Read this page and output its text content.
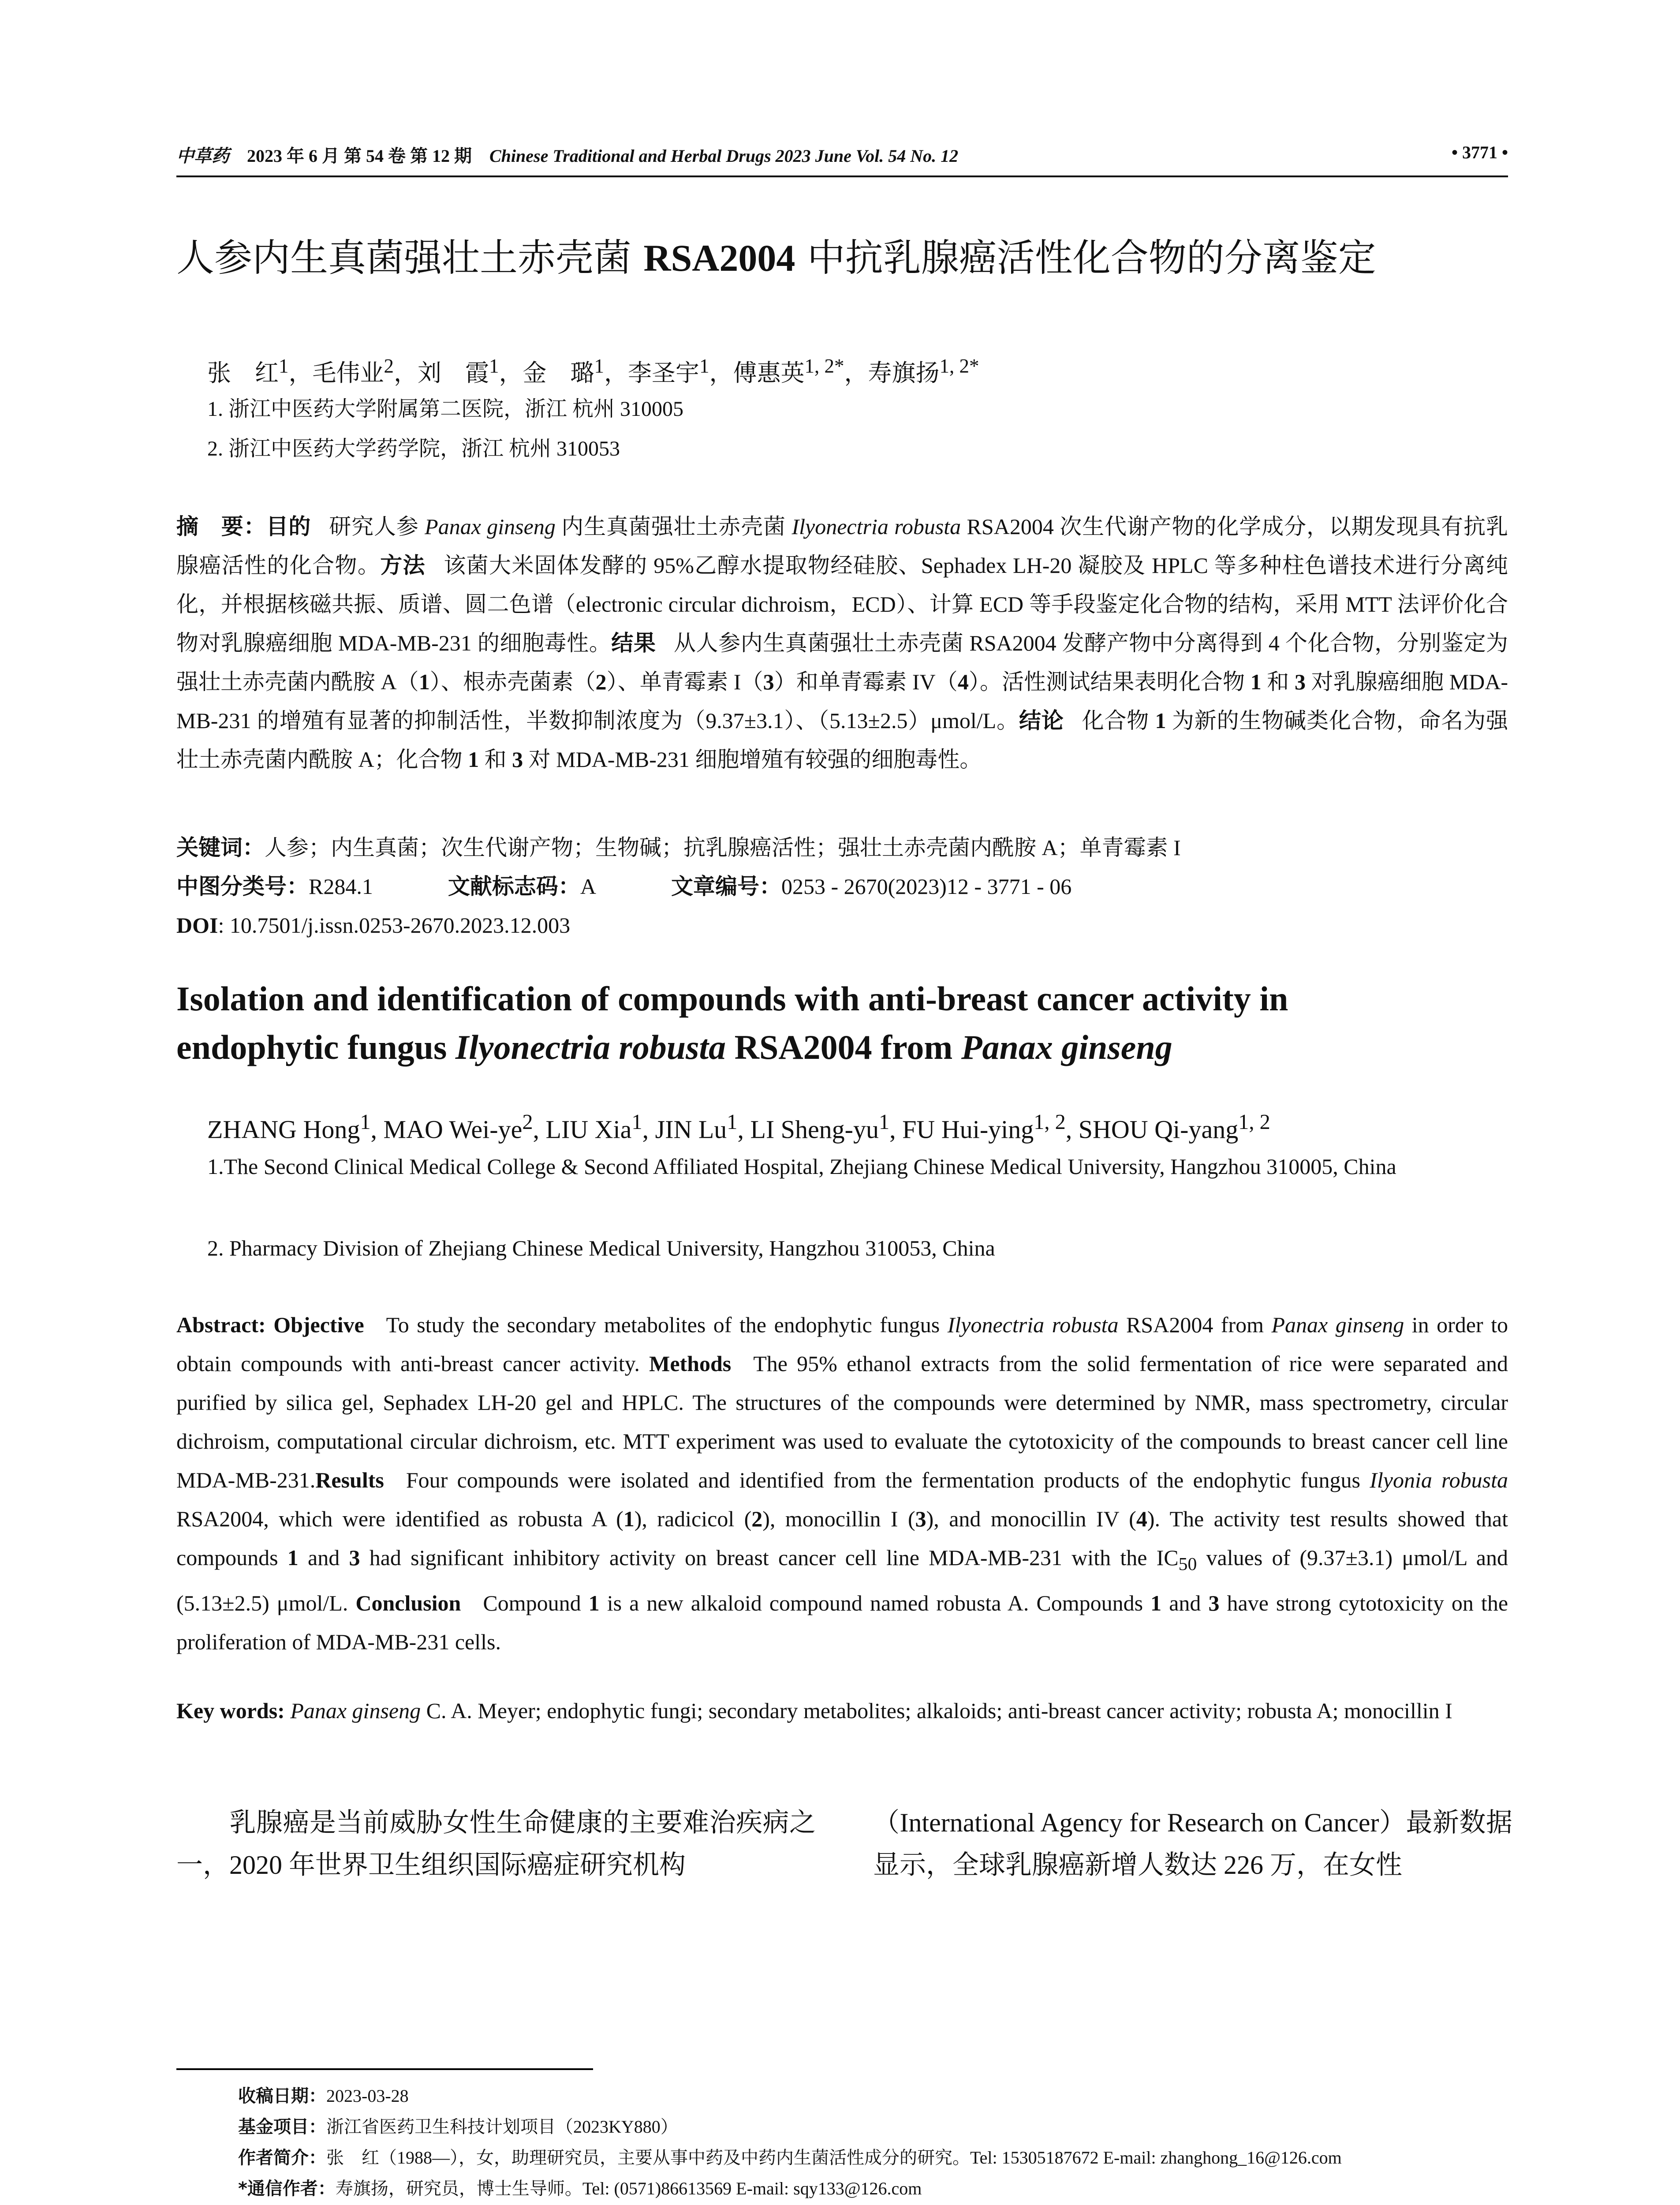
中草药 2023 年 6 月 第 54 卷 第 12 期 Chinese Traditional and Herbal Drugs 2023 June Vol. 54 No. 12	• 3771 •
人参内生真菌强壮土赤壳菌 RSA2004 中抗乳腺癌活性化合物的分离鉴定
张　红$^1$，毛伟业$^2$，刘　霞$^1$，金　璐$^1$，李圣宇$^1$，傅惠英$^{1, 2*}$，寿旗扬$^{1, 2*}$
1. 浙江中医药大学附属第二医院，浙江 杭州 310005
2. 浙江中医药大学药学院，浙江 杭州 310053
摘　要：目的 研究人参 Panax ginseng 内生真菌强壮土赤壳菌 Ilyonectria robusta RSA2004 次生代谢产物的化学成分，以期发现具有抗乳腺癌活性的化合物。方法 该菌大米固体发酵的 95%乙醇水提取物经硅胶、Sephadex LH-20 凝胶及 HPLC 等多种柱色谱技术进行分离纯化，并根据核磁共振、质谱、圆二色谱（electronic circular dichroism，ECD）、计算 ECD 等手段鉴定化合物的结构，采用 MTT 法评价化合物对乳腺癌细胞 MDA-MB-231 的细胞毒性。结果 从人参内生真菌强壮土赤壳菌 RSA2004 发酵产物中分离得到 4 个化合物，分别鉴定为强壮土赤壳菌内酰胺 A（1）、根赤壳菌素（2）、单青霉素 I（3）和单青霉素 IV（4）。活性测试结果表明化合物 1 和 3 对乳腺癌细胞 MDA-MB-231 的增殖有显著的抑制活性，半数抑制浓度为（9.37±3.1）、（5.13±2.5）μmol/L。结论 化合物 1 为新的生物碱类化合物，命名为强壮土赤壳菌内酰胺 A；化合物 1 和 3 对 MDA-MB-231 细胞增殖有较强的细胞毒性。
关键词：人参；内生真菌；次生代谢产物；生物碱；抗乳腺癌活性；强壮土赤壳菌内酰胺 A；单青霉素 I
中图分类号：R284.1	文献标志码：A	文章编号：0253 - 2670(2023)12 - 3771 - 06
DOI: 10.7501/j.issn.0253-2670.2023.12.003
Isolation and identification of compounds with anti-breast cancer activity in
endophytic fungus Ilyonectria robusta RSA2004 from Panax ginseng
ZHANG Hong$^1$, MAO Wei-$ye^2$, LIU Xia$^1$, JIN Lu$^1$, LI Sheng-$yu^1$, FU Hui-ying$^{1, 2}$, SHOU Qi-yang$^{1, 2}$
1.The Second Clinical Medical College & Second Affiliated Hospital, Zhejiang Chinese Medical University, Hangzhou 310005, China
2. Pharmacy Division of Zhejiang Chinese Medical University, Hangzhou 310053, China
Abstract: Objective To study the secondary metabolites of the endophytic fungus Ilyonectria robusta RSA2004 from Panax ginseng in order to obtain compounds with anti-breast cancer activity. Methods The 95% ethanol extracts from the solid fermentation of rice were separated and purified by silica gel, Sephadex LH-20 gel and HPLC. The structures of the compounds were determined by NMR, mass spectrometry, circular dichroism, computational circular dichroism, etc. MTT experiment was used to evaluate the cytotoxicity of the compounds to breast cancer cell line MDA-MB-231.Results Four compounds were isolated and identified from the fermentation products of the endophytic fungus Ilyonia robusta RSA2004, which were identified as robusta A (1), radicicol (2), monocillin I (3), and monocillin IV (4). The activity test results showed that compounds 1 and 3 had significant inhibitory activity on breast cancer cell line MDA-MB-231 with the $IC_{50}$ values of (9.37±3.1) μmol/L and (5.13±2.5) μmol/L. Conclusion Compound 1 is a new alkaloid compound named robusta A. Compounds 1 and 3 have strong cytotoxicity on the proliferation of MDA-MB-231 cells.
Key words: Panax ginseng C. A. Meyer; endophytic fungi; secondary metabolites; alkaloids; anti-breast cancer activity; robusta A; monocillin I
乳腺癌是当前威胁女性生命健康的主要难治疾病之一，2020 年世界卫生组织国际癌症研究机构
（International Agency for Research on Cancer）最新数据显示，全球乳腺癌新增人数达 226 万，在女性
收稿日期：2023-03-28
基金项目：浙江省医药卫生科技计划项目（2023KY880）
作者简介：张　红（1988—），女，助理研究员，主要从事中药及中药内生菌活性成分的研究。Tel: 15305187672 E-mail: zhanghong_16@126.com
*通信作者：寿旗扬，研究员，博士生导师。Tel: (0571)86613569 E-mail: sqy133@126.com
